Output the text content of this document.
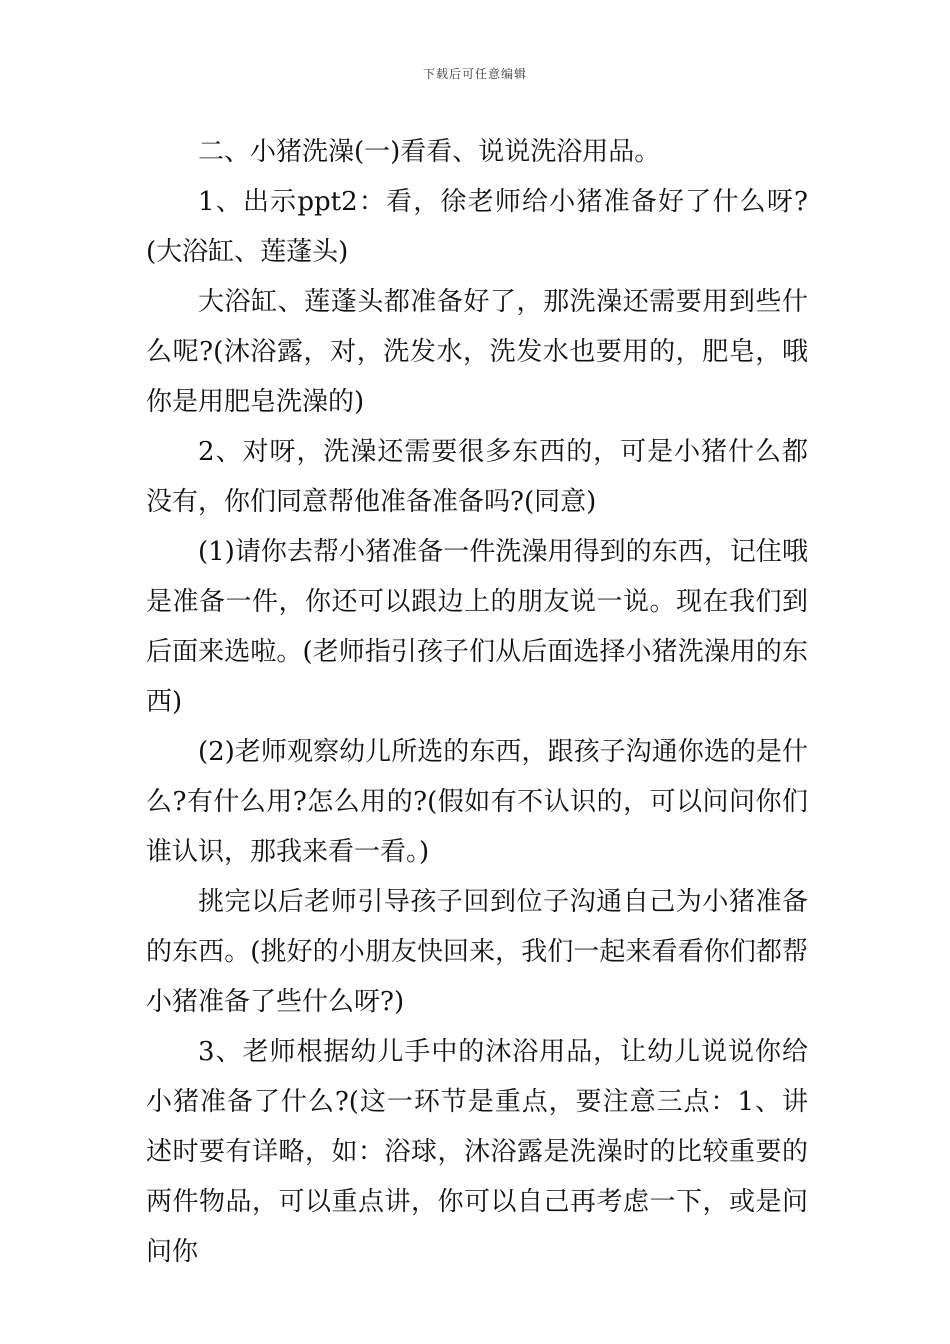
下载后可任意编辑

二、小猪洗澡(一)看看、说说洗浴用品。

1、出示ppt2：看，徐老师给小猪准备好了什么呀?(大浴缸、莲蓬头)

大浴缸、莲蓬头都准备好了，那洗澡还需要用到些什么呢?(沐浴露，对，洗发水，洗发水也要用的，肥皂，哦你是用肥皂洗澡的)

2、对呀，洗澡还需要很多东西的，可是小猪什么都没有，你们同意帮他准备准备吗?(同意)

(1)请你去帮小猪准备一件洗澡用得到的东西，记住哦是准备一件，你还可以跟边上的朋友说一说。现在我们到后面来选啦。(老师指引孩子们从后面选择小猪洗澡用的东西)

(2)老师观察幼儿所选的东西，跟孩子沟通你选的是什么?有什么用?怎么用的?(假如有不认识的，可以问问你们谁认识，那我来看一看。)

挑完以后老师引导孩子回到位子沟通自己为小猪准备的东西。(挑好的小朋友快回来，我们一起来看看你们都帮小猪准备了些什么呀?)

3、老师根据幼儿手中的沐浴用品，让幼儿说说你给小猪准备了什么?(这一环节是重点，要注意三点：1、讲述时要有详略，如：浴球，沐浴露是洗澡时的比较重要的两件物品，可以重点讲，你可以自己再考虑一下，或是问问你
